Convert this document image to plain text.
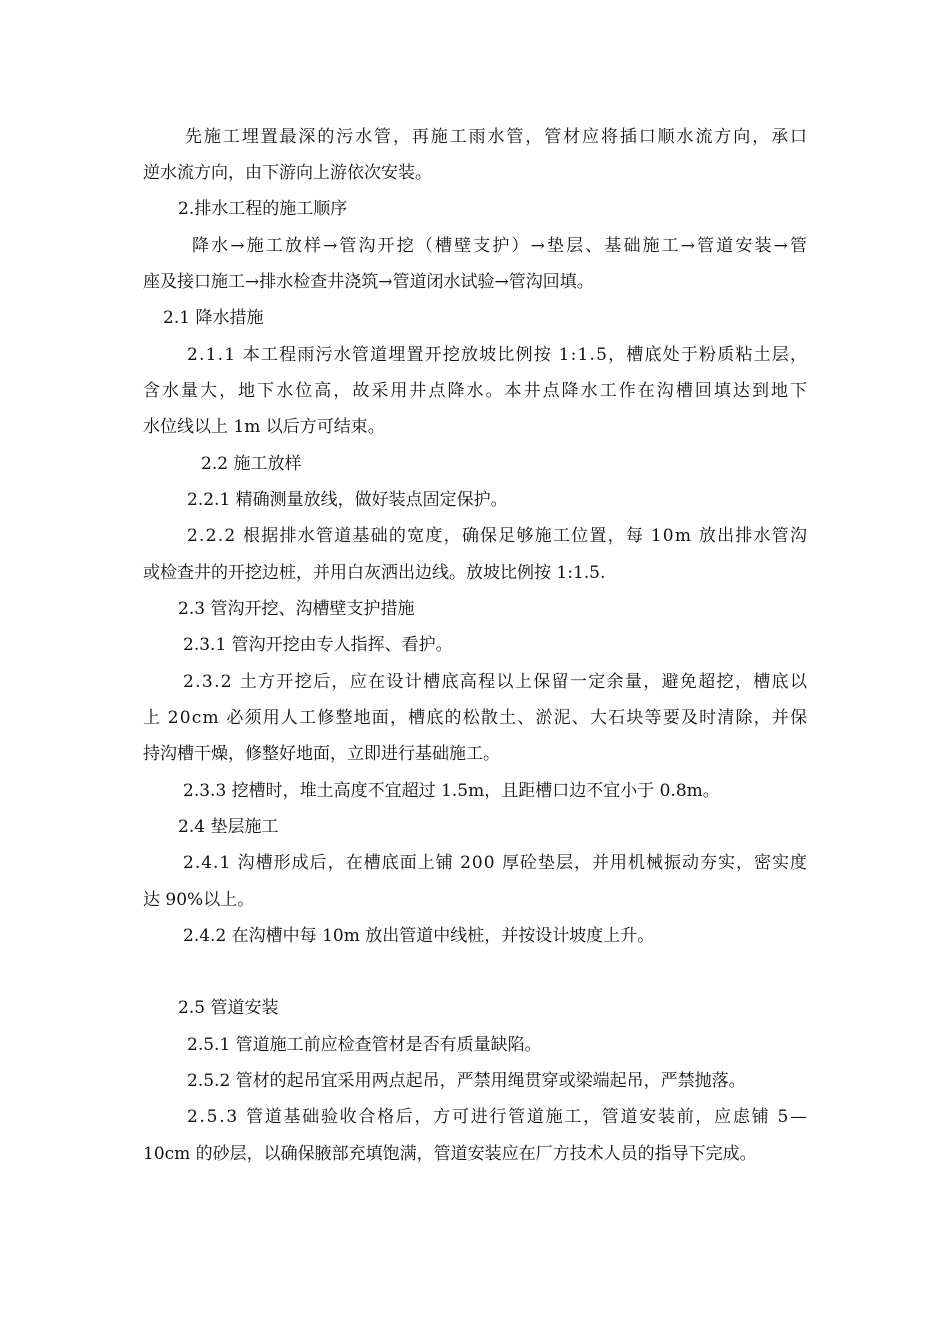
先施工埋置最深的污水管，再施工雨水管，管材应将插口顺水流方向，承口
逆水流方向，由下游向上游依次安装。
2.排水工程的施工顺序
降水→施工放样→管沟开挖（槽壁支护）→垫层、基础施工→管道安装→管
座及接口施工→排水检查井浇筑→管道闭水试验→管沟回填。
2.1 降水措施
2.1.1 本工程雨污水管道埋置开挖放坡比例按 1:1.5，槽底处于粉质粘土层，
含水量大，地下水位高，故采用井点降水。本井点降水工作在沟槽回填达到地下
水位线以上 1m 以后方可结束。
2.2 施工放样
2.2.1 精确测量放线，做好装点固定保护。
2.2.2 根据排水管道基础的宽度，确保足够施工位置，每 10m 放出排水管沟
或检查井的开挖边桩，并用白灰洒出边线。放坡比例按 1:1.5.
2.3 管沟开挖、沟槽壁支护措施
2.3.1 管沟开挖由专人指挥、看护。
2.3.2 土方开挖后，应在设计槽底高程以上保留一定余量，避免超挖，槽底以
上 20cm 必须用人工修整地面，槽底的松散土、淤泥、大石块等要及时清除，并保
持沟槽干燥，修整好地面，立即进行基础施工。
2.3.3 挖槽时，堆土高度不宜超过 1.5m，且距槽口边不宜小于 0.8m。
2.4 垫层施工
2.4.1 沟槽形成后，在槽底面上铺 200 厚砼垫层，并用机械振动夯实，密实度
达 90%以上。
2.4.2 在沟槽中每 10m 放出管道中线桩，并按设计坡度上升。
2.5 管道安装
2.5.1 管道施工前应检查管材是否有质量缺陷。
2.5.2 管材的起吊宜采用两点起吊，严禁用绳贯穿或梁端起吊，严禁抛落。
2.5.3 管道基础验收合格后，方可进行管道施工，管道安装前，应虑铺 5—
10cm 的砂层，以确保腋部充填饱满，管道安装应在厂方技术人员的指导下完成。
